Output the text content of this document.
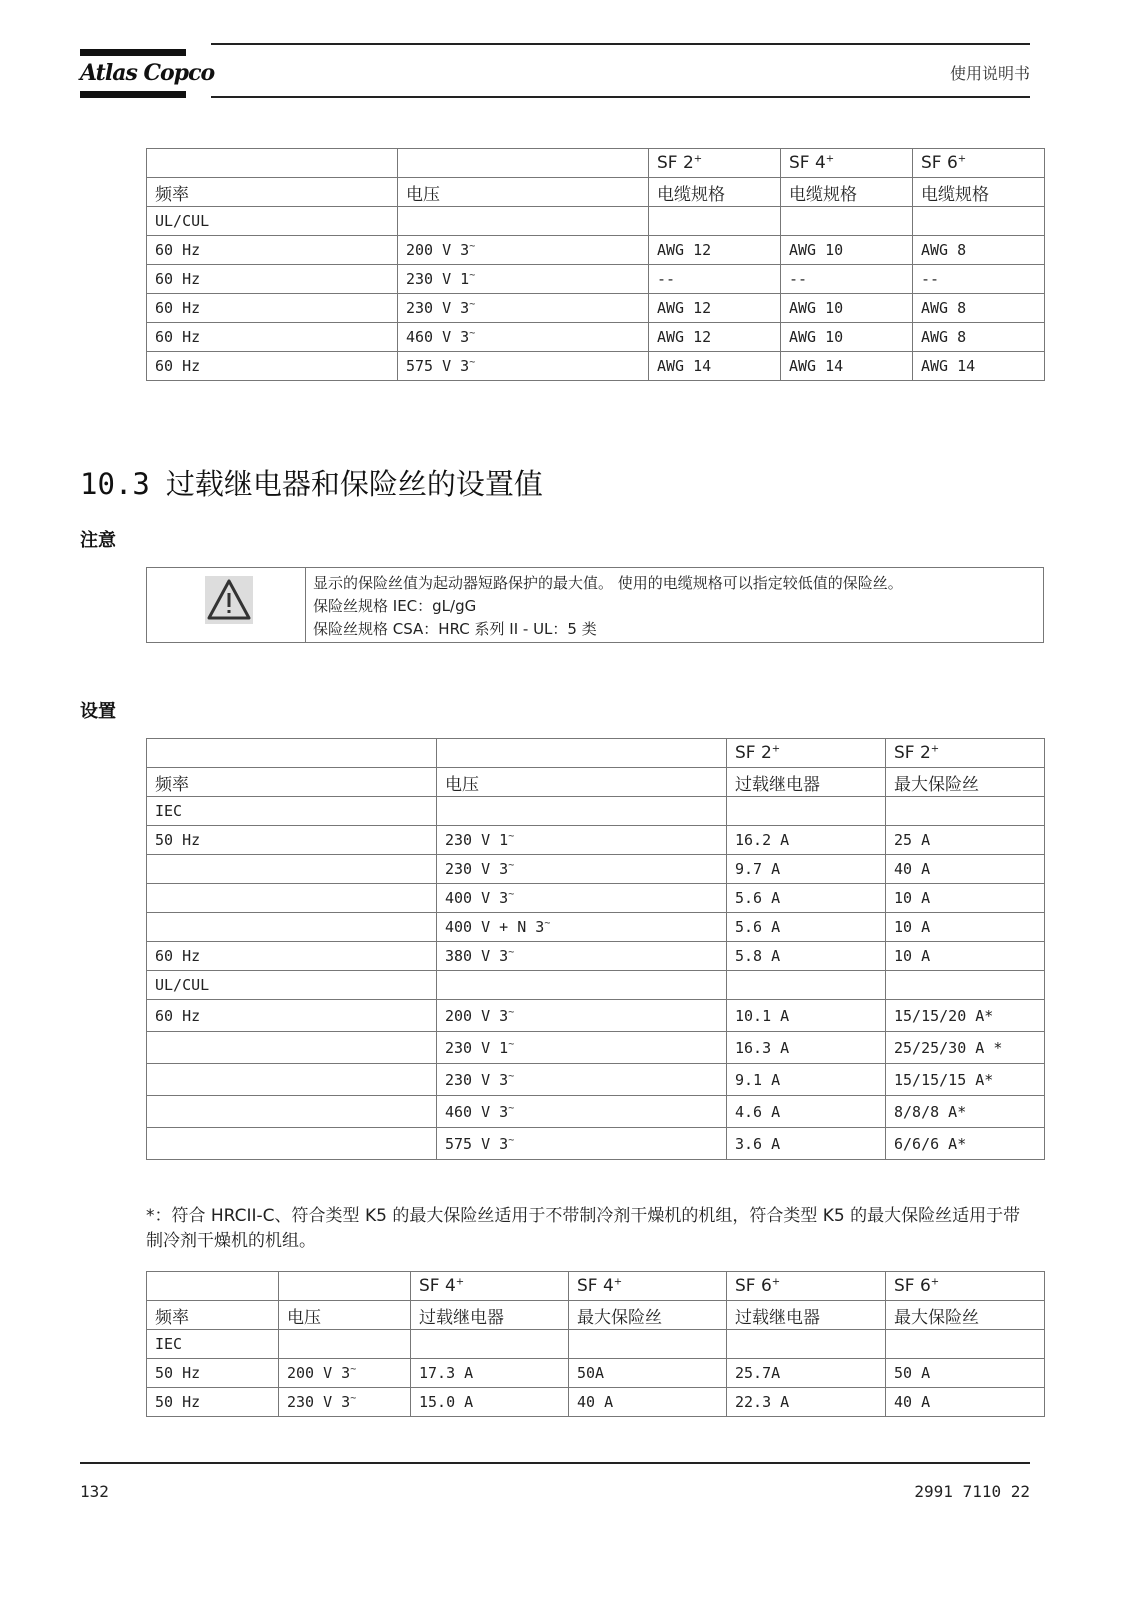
Atlas Copco	使用说明书
		SF 2+	SF 4+	SF 6+
频率	电压	电缆规格	电缆规格	电缆规格
UL/CUL				
60 Hz	200 V 3~	AWG 12	AWG 10	AWG 8
60 Hz	230 V 1~	--	--	--
60 Hz	230 V 3~	AWG 12	AWG 10	AWG 8
60 Hz	460 V 3~	AWG 12	AWG 10	AWG 8
60 Hz	575 V 3~	AWG 14	AWG 14	AWG 14
10.3 过载继电器和保险丝的设置值
注意
显示的保险丝值为起动器短路保护的最大值。 使用的电缆规格可以指定较低值的保险丝。
保险丝规格 IEC：gL/gG
保险丝规格 CSA：HRC 系列 II - UL：5 类
设置
		SF 2+	SF 2+
频率	电压	过载继电器	最大保险丝
IEC			
50 Hz	230 V 1~	16.2 A	25 A
	230 V 3~	9.7 A	40 A
	400 V 3~	5.6 A	10 A
	400 V + N 3~	5.6 A	10 A
60 Hz	380 V 3~	5.8 A	10 A
UL/CUL			
60 Hz	200 V 3~	10.1 A	15/15/20 A*
	230 V 1~	16.3 A	25/25/30 A *
	230 V 3~	9.1 A	15/15/15 A*
	460 V 3~	4.6 A	8/8/8 A*
	575 V 3~	3.6 A	6/6/6 A*
*：符合 HRCII-C、符合类型 K5 的最大保险丝适用于不带制冷剂干燥机的机组，符合类型 K5 的最大保险丝适用于带制冷剂干燥机的机组。
		SF 4+	SF 4+	SF 6+	SF 6+
频率	电压	过载继电器	最大保险丝	过载继电器	最大保险丝
IEC					
50 Hz	200 V 3~	17.3 A	50A	25.7A	50 A
50 Hz	230 V 3~	15.0 A	40 A	22.3 A	40 A
132	2991 7110 22
